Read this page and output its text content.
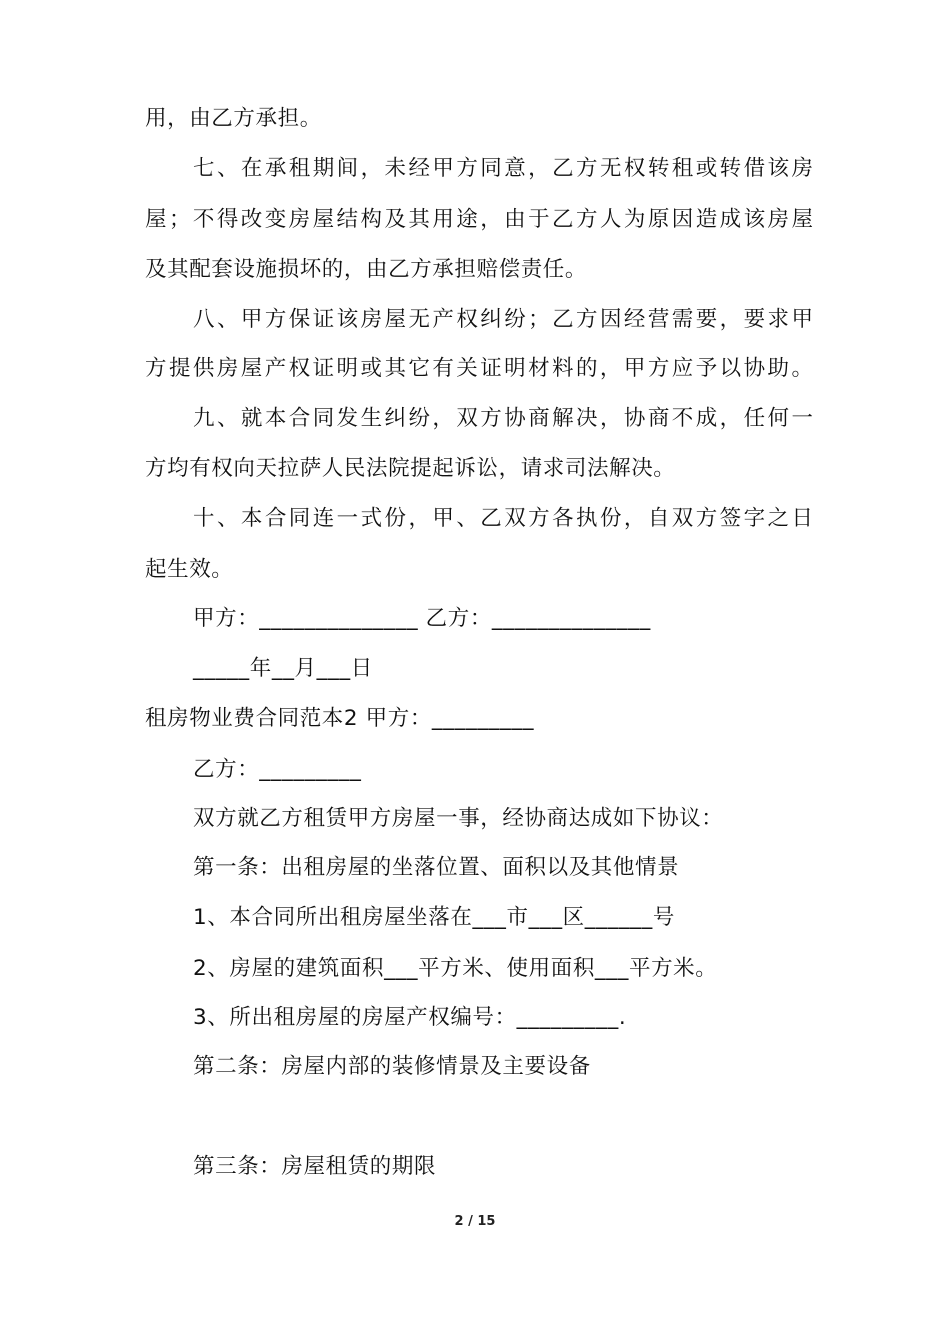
用，由乙方承担。
七、在承租期间，未经甲方同意，乙方无权转租或转借该房
屋；不得改变房屋结构及其用途，由于乙方人为原因造成该房屋
及其配套设施损坏的，由乙方承担赔偿责任。
八、甲方保证该房屋无产权纠纷；乙方因经营需要，要求甲
方提供房屋产权证明或其它有关证明材料的，甲方应予以协助。
九、就本合同发生纠纷，双方协商解决，协商不成，任何一
方均有权向天拉萨人民法院提起诉讼，请求司法解决。
十、本合同连一式份，甲、乙双方各执份，自双方签字之日
起生效。
甲方：______________ 乙方：______________
_____年__月___日
租房物业费合同范本2 甲方：_________
乙方：_________
双方就乙方租赁甲方房屋一事，经协商达成如下协议：
第一条：出租房屋的坐落位置、面积以及其他情景
1、本合同所出租房屋坐落在___市___区______号
2、房屋的建筑面积___平方米、使用面积___平方米。
3、所出租房屋的房屋产权编号：_________.
第二条：房屋内部的装修情景及主要设备
第三条：房屋租赁的期限
2 / 15
